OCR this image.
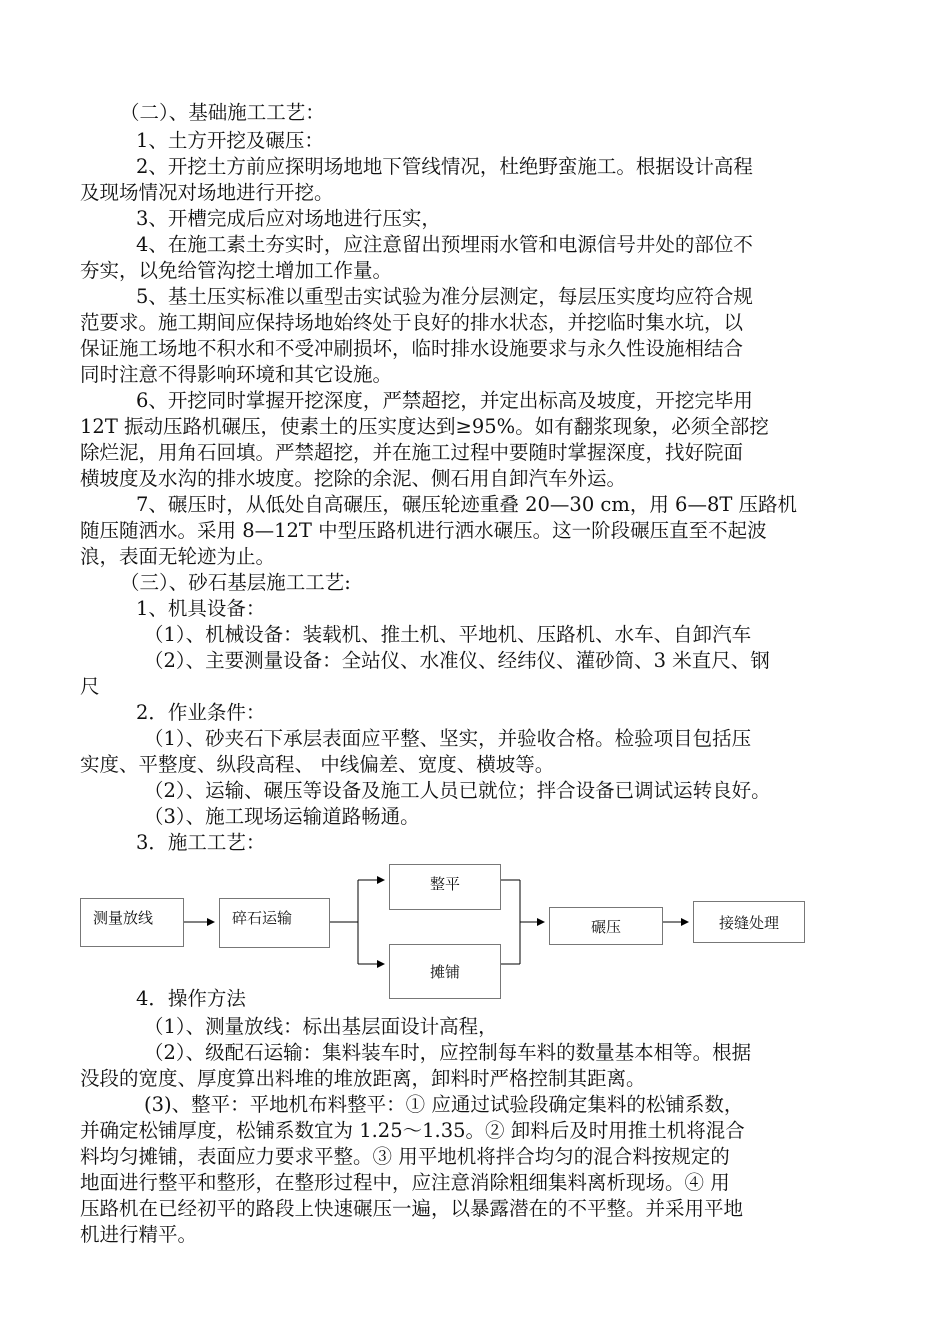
（二）、基础施工工艺：
1、土方开挖及碾压：
2、开挖土方前应探明场地地下管线情况，杜绝野蛮施工。根据设计高程
及现场情况对场地进行开挖。
3、开槽完成后应对场地进行压实，
4、在施工素土夯实时，应注意留出预埋雨水管和电源信号井处的部位不
夯实，以免给管沟挖土增加工作量。
5、基土压实标准以重型击实试验为准分层测定，每层压实度均应符合规
范要求。施工期间应保持场地始终处于良好的排水状态，并挖临时集水坑，以
保证施工场地不积水和不受冲刷损坏，临时排水设施要求与永久性设施相结合
同时注意不得影响环境和其它设施。
6、开挖同时掌握开挖深度，严禁超挖，并定出标高及坡度，开挖完毕用
12T 振动压路机碾压，使素土的压实度达到≥95%。如有翻浆现象，必须全部挖
除烂泥，用角石回填。严禁超挖，并在施工过程中要随时掌握深度，找好院面
横坡度及水沟的排水坡度。挖除的余泥、侧石用自卸汽车外运。
7、碾压时，从低处自高碾压，碾压轮迹重叠 20—30 cm，用 6—8T 压路机
随压随洒水。采用 8—12T 中型压路机进行洒水碾压。这一阶段碾压直至不起波
浪，表面无轮迹为止。
（三）、砂石基层施工工艺:
1、机具设备：
（1）、机械设备：装载机、推土机、平地机、压路机、水车、自卸汽车
（2）、主要测量设备：全站仪、水准仪、经纬仪、灌砂筒、3 米直尺、钢
尺
2．作业条件：
（1）、砂夹石下承层表面应平整、坚实，并验收合格。检验项目包括压
实度、平整度、纵段高程、 中线偏差、宽度、横坡等。
（2）、运输、碾压等设备及施工人员已就位；拌合设备已调试运转良好。
（3）、施工现场运输道路畅通。
3．施工工艺：
测量放线	碎石运输
整平
摊铺
碾压	接缝处理
4．操作方法
（1）、测量放线：标出基层面设计高程，
（2）、级配石运输：集料装车时，应控制每车料的数量基本相等。根据
没段的宽度、厚度算出料堆的堆放距离，卸料时严格控制其距离。
(3)、整平：平地机布料整平：① 应通过试验段确定集料的松铺系数，
并确定松铺厚度，松铺系数宜为 1.25～1.35。② 卸料后及时用推土机将混合
料均匀摊铺，表面应力要求平整。③ 用平地机将拌合均匀的混合料按规定的
地面进行整平和整形，在整形过程中，应注意消除粗细集料离析现场。④ 用
压路机在已经初平的路段上快速碾压一遍，以暴露潜在的不平整。并采用平地
机进行精平。
